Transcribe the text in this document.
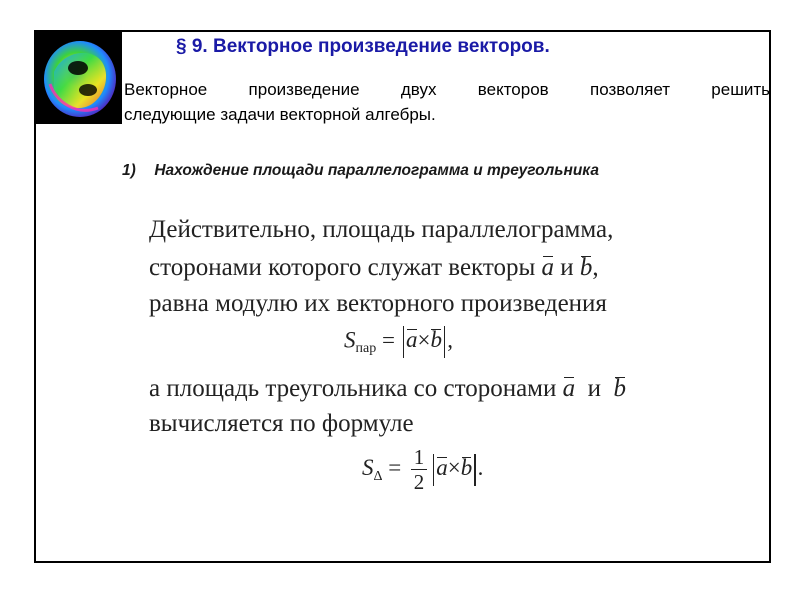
§ 9. Векторное произведение векторов.

Векторное произведение двух векторов позволяет решить
следующие задачи векторной алгебры.

1) Нахождение площади параллелограмма и треугольника

Действительно, площадь параллелограмма,

сторонами которого служат векторы a и b,

равна модулю их векторного произведения

$S_{пар} = a\times b$ ,

а площадь треугольника со сторонами a и b

вычисляется по формуле

$S_\Delta = \frac{1}{2} a\times b$ .
